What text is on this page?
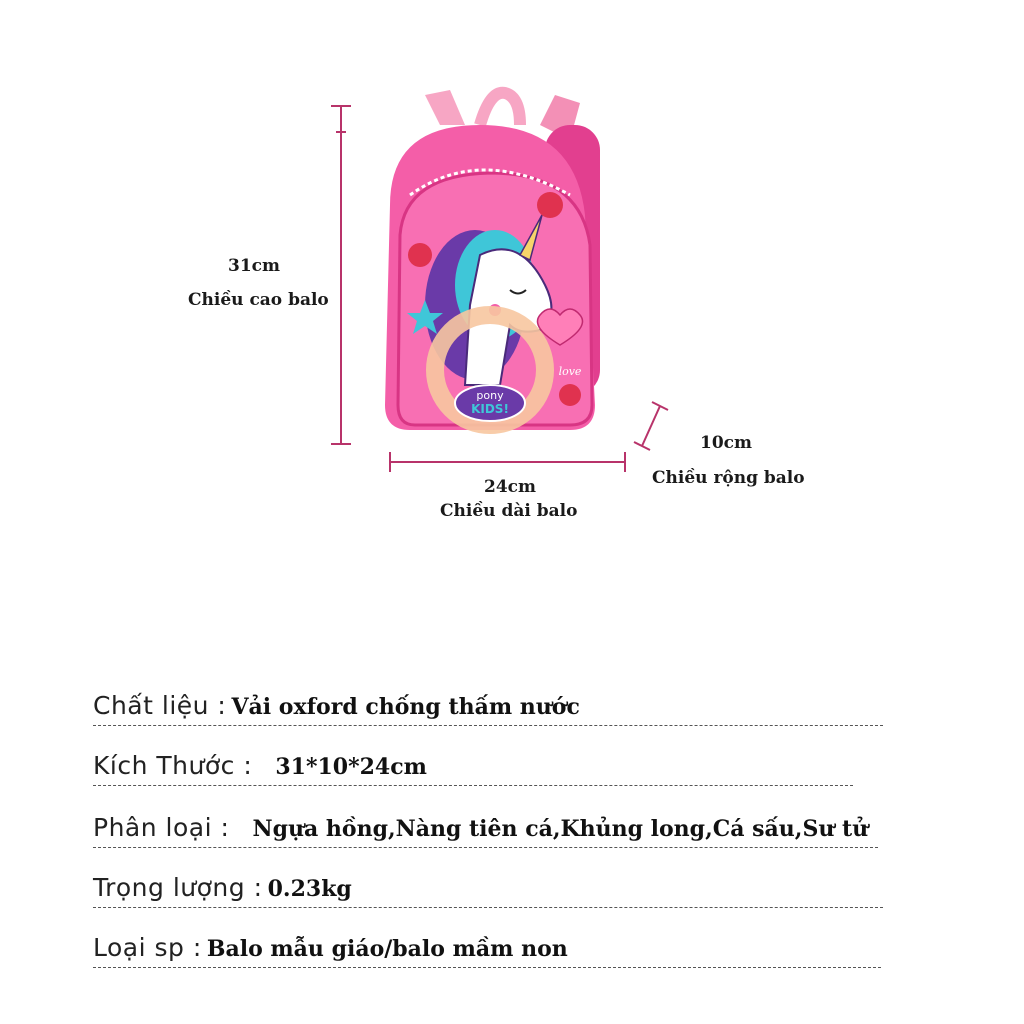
pony
KIDS!
love
31cm
Chiều cao balo
24cm
Chiều dài balo
10cm
Chiều rộng balo
Chất liệu : Vải oxford chống thấm nước
Kích Thước : 31*10*24cm
Phân loại : Ngựa hồng,Nàng tiên cá,Khủng long,Cá sấu,Sư tử
Trọng lượng : 0.23kg
Loại sp : Balo mẫu giáo/balo mầm non
